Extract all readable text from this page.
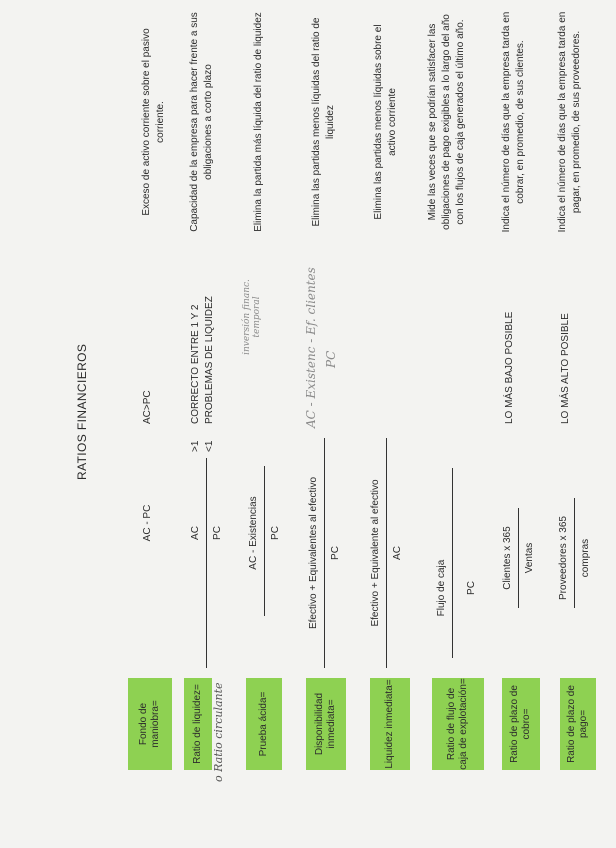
RATIOS FINANCIEROS
Fondo de maniobra=
AC - PC
AC>PC
Exceso de activo corriente sobre el pasivo corriente.
Ratio de liquidez= o Ratio circulante
AC PC
>1 <1
CORRECTO ENTRE 1 Y 2 PROBLEMAS DE LIQUIDEZ
Capacidad de la empresa para hacer frente a sus obligaciones a corto plazo
Prueba ácida=
AC - Existencias PC
inversión financ. temporal
Elimina la partida más líquida del ratio de liquidez
Disponibilidad inmediata=
Efectivo + Equivalentes al efectivo PC
AC - Existenc - Ef. clientes PC
Elimina las partidas menos líquidas del ratio de liquidez
Liquidez inmediata=
Efectivo + Equivalente al efectivo AC
Elimina las partidas menos líquidas sobre el activo corriente
Ratio de flujo de caja de explotación=
Flujo de caja PC
Mide las veces que se podrían satisfacer las obligaciones de pago exigibles a lo largo del año con los flujos de caja generados el último año.
Ratio de plazo de cobro=
Clientes x 365 Ventas
LO MÁS BAJO POSIBLE
Indica el número de días que la empresa tarda en cobrar, en promedio, de sus clientes.
Ratio de plazo de pago=
Proveedores x 365 compras
LO MÁS ALTO POSIBLE
Indica el número de días que la empresa tarda en pagar, en promedio, de sus proveedores.
